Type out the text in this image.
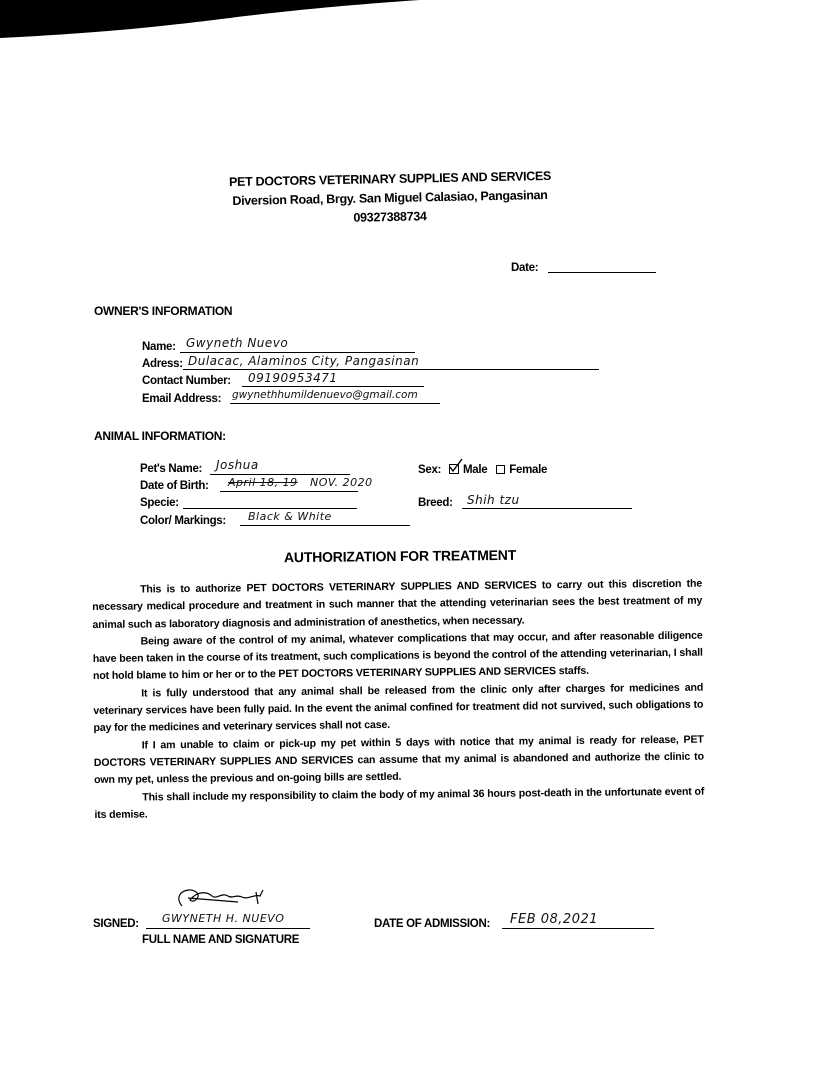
PET DOCTORS VETERINARY SUPPLIES AND SERVICES
Diversion Road, Brgy. San Miguel Calasiao, Pangasinan
09327388734
Date:
OWNER'S INFORMATION
Name: Gwyneth Nuevo
Adress: Dulacac, Alaminos City, Pangasinan
Contact Number: 09190953471
Email Address: gwynethhumildenuevo@gmail.com
ANIMAL INFORMATION:
Pet's Name: Joshua	Sex: Male Female
Date of Birth: April 18, 19 NOV. 2020
Specie:	Breed: Shih tzu
Color/ Markings: Black & White
AUTHORIZATION FOR TREATMENT

This is to authorize PET DOCTORS VETERINARY SUPPLIES AND SERVICES to carry out this discretion the necessary medical procedure and treatment in such manner that the attending veterinarian sees the best treatment of my animal such as laboratory diagnosis and administration of anesthetics, when necessary.

Being aware of the control of my animal, whatever complications that may occur, and after reasonable diligence have been taken in the course of its treatment, such complications is beyond the control of the attending veterinarian, I shall not hold blame to him or her or to the PET DOCTORS VETERINARY SUPPLIES AND SERVICES staffs.

It is fully understood that any animal shall be released from the clinic only after charges for medicines and veterinary services have been fully paid. In the event the animal confined for treatment did not survived, such obligations to pay for the medicines and veterinary services shall not case.

If I am unable to claim or pick-up my pet within 5 days with notice that my animal is ready for release, PET DOCTORS VETERINARY SUPPLIES AND SERVICES can assume that my animal is abandoned and authorize the clinic to own my pet, unless the previous and on-going bills are settled.

This shall include my responsibility to claim the body of my animal 36 hours post-death in the unfortunate event of its demise.

SIGNED: GWYNETH H. NUEVO
FULL NAME AND SIGNATURE
DATE OF ADMISSION: FEB 08,2021
